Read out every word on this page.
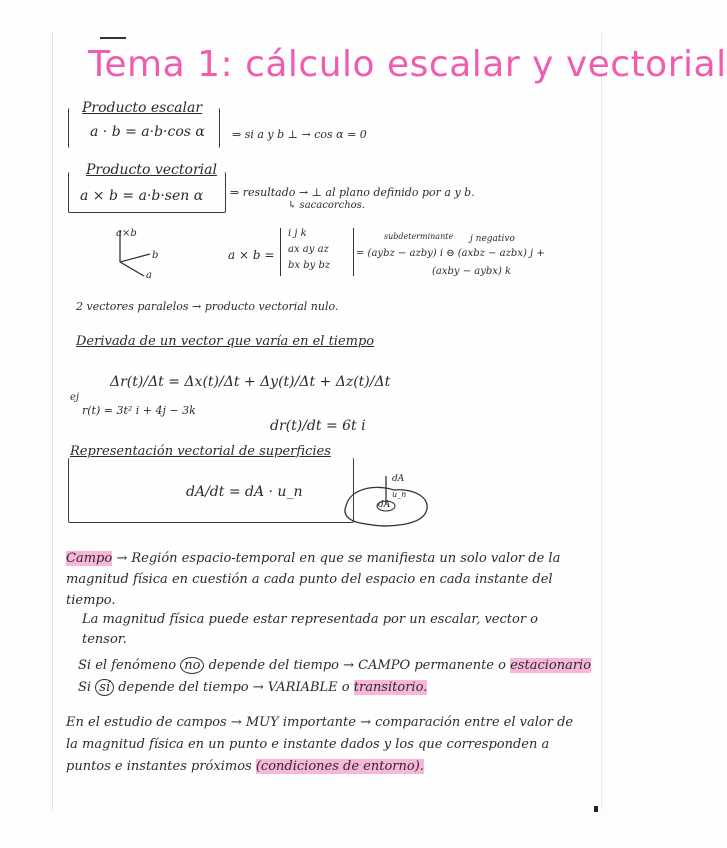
Tema 1: cálculo escalar y vectorial
Producto escalar
a · b = a·b·cos α ⇒ si a y b ⊥ → cos α = 0
Producto vectorial
a × b = a·b·sen α ⇒ resultado → ⊥ al plano definido por a y b.
↳ sacacorchos.
a×b
b
a
a × b =
i j k
ax ay az
bx by bz
subdeterminante j negativo
= (aybz − azby) i ⊖ (axbz − azbx) j +
(axby − aybx) k
2 vectores paralelos → producto vectorial nulo.
Derivada de un vector que varía en el tiempo
Δr(t)/Δt = Δx(t)/Δt + Δy(t)/Δt + Δz(t)/Δt
ej
r(t) = 3t² i + 4j − 3k
dr(t)/dt = 6t i
Representación vectorial de superficies
dA/dt = dA · u_n
dA
u_n
dA
Campo → Región espacio-temporal en que se manifiesta un solo valor de la magnitud física en cuestión a cada punto del espacio en cada instante del tiempo.
La magnitud física puede estar representada por un escalar, vector o tensor.
Si el fenómeno no depende del tiempo → CAMPO permanente o estacionario
Si sí depende del tiempo → VARIABLE o transitorio.
En el estudio de campos → MUY importante → comparación entre el valor de la magnitud física en un punto e instante dados y los que corresponden a puntos e instantes próximos (condiciones de entorno).
